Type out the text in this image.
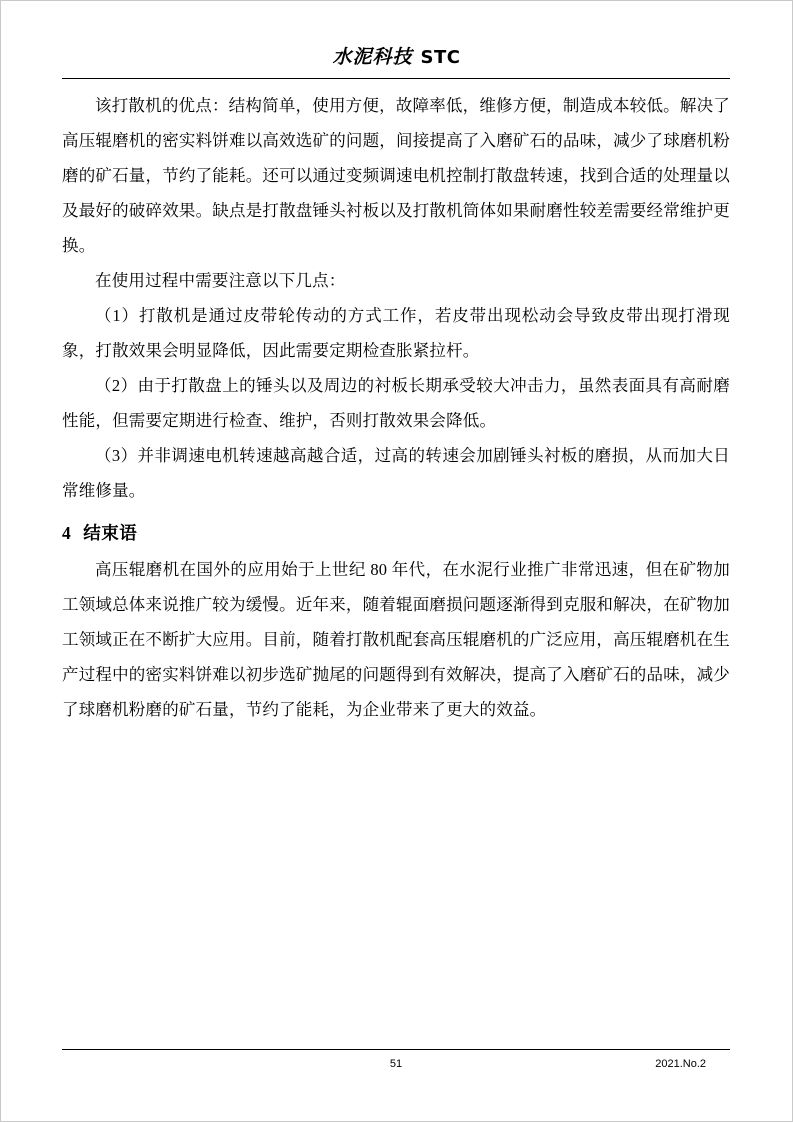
水泥科技 STC

该打散机的优点：结构简单，使用方便，故障率低，维修方便，制造成本较低。解决了高压辊磨机的密实料饼难以高效选矿的问题，间接提高了入磨矿石的品味，减少了球磨机粉磨的矿石量，节约了能耗。还可以通过变频调速电机控制打散盘转速，找到合适的处理量以及最好的破碎效果。缺点是打散盘锤头衬板以及打散机筒体如果耐磨性较差需要经常维护更换。

在使用过程中需要注意以下几点：

（1）打散机是通过皮带轮传动的方式工作，若皮带出现松动会导致皮带出现打滑现象，打散效果会明显降低，因此需要定期检查胀紧拉杆。

（2）由于打散盘上的锤头以及周边的衬板长期承受较大冲击力，虽然表面具有高耐磨性能，但需要定期进行检查、维护，否则打散效果会降低。

（3）并非调速电机转速越高越合适，过高的转速会加剧锤头衬板的磨损，从而加大日常维修量。

4 结束语

高压辊磨机在国外的应用始于上世纪 80 年代，在水泥行业推广非常迅速，但在矿物加工领域总体来说推广较为缓慢。近年来，随着辊面磨损问题逐渐得到克服和解决，在矿物加工领域正在不断扩大应用。目前，随着打散机配套高压辊磨机的广泛应用，高压辊磨机在生产过程中的密实料饼难以初步选矿抛尾的问题得到有效解决，提高了入磨矿石的品味，减少了球磨机粉磨的矿石量，节约了能耗，为企业带来了更大的效益。

51	2021.No.2
